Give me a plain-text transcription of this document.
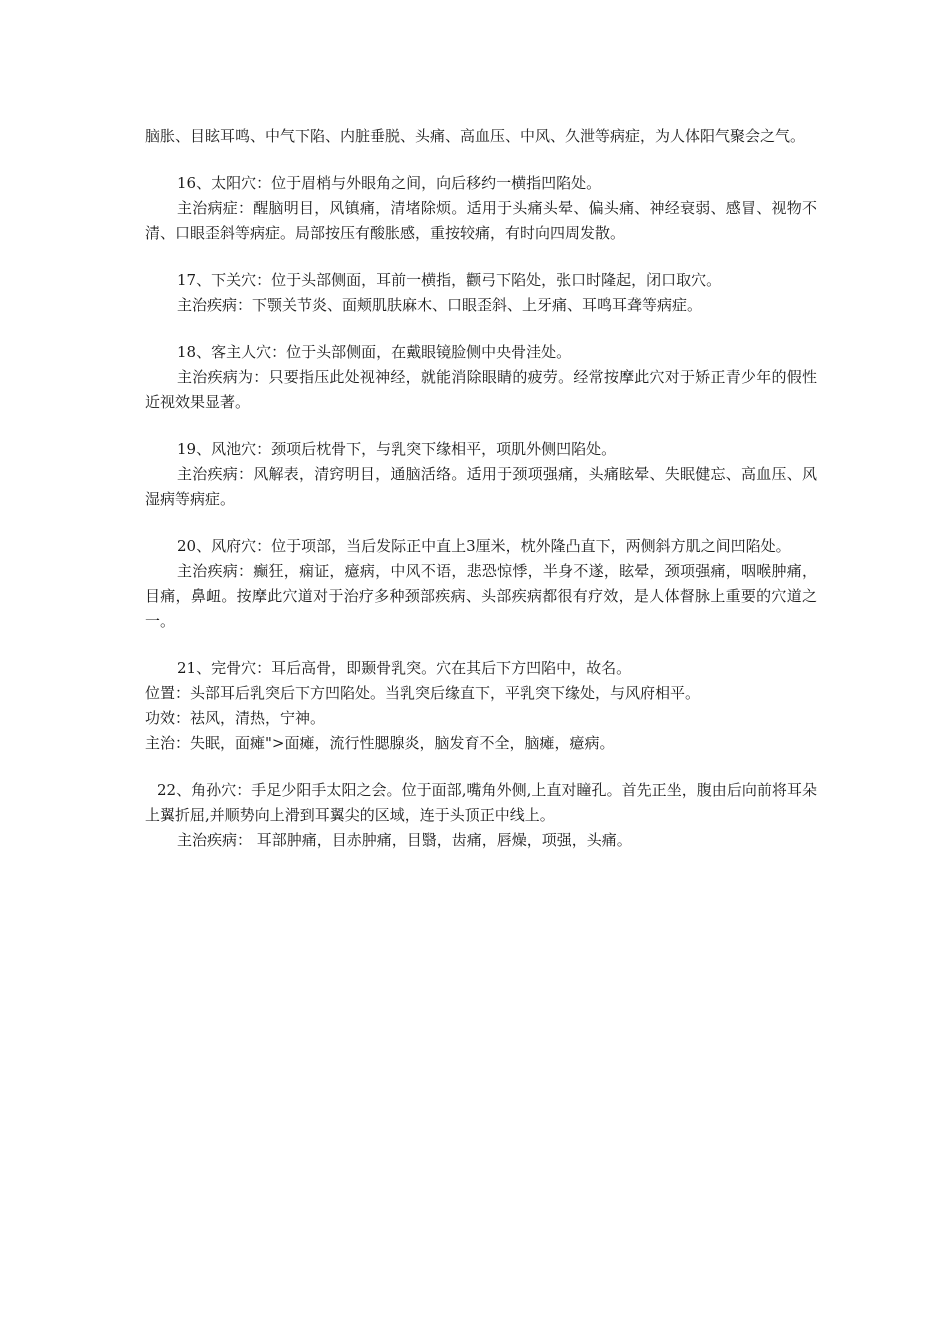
脑胀、目眩耳鸣、中气下陷、内脏垂脱、头痛、高血压、中风、久泄等病症，为人体阳气聚会之气。

16、太阳穴：位于眉梢与外眼角之间，向后移约一横指凹陷处。

主治病症：醒脑明目，风镇痛，清堵除烦。适用于头痛头晕、偏头痛、神经衰弱、感冒、视物不清、口眼歪斜等病症。局部按压有酸胀感，重按较痛，有时向四周发散。

17、下关穴：位于头部侧面，耳前一横指，颧弓下陷处，张口时隆起，闭口取穴。

主治疾病：下颚关节炎、面颊肌肤麻木、口眼歪斜、上牙痛、耳鸣耳聋等病症。

18、客主人穴：位于头部侧面，在戴眼镜脸侧中央骨洼处。

主治疾病为：只要指压此处视神经，就能消除眼睛的疲劳。经常按摩此穴对于矫正青少年的假性近视效果显著。

19、风池穴：颈项后枕骨下，与乳突下缘相平，项肌外侧凹陷处。

主治疾病：风解表，清窍明目，通脑活络。适用于颈项强痛，头痛眩晕、失眠健忘、高血压、风湿病等病症。

20、风府穴：位于项部，当后发际正中直上3厘米，枕外隆凸直下，两侧斜方肌之间凹陷处。

主治疾病：癫狂，痫证，癔病，中风不语，悲恐惊悸，半身不遂，眩晕，颈项强痛，咽喉肿痛，目痛，鼻衄。按摩此穴道对于治疗多种颈部疾病、头部疾病都很有疗效，是人体督脉上重要的穴道之一。

21、完骨穴：耳后高骨，即颞骨乳突。穴在其后下方凹陷中，故名。

位置：头部耳后乳突后下方凹陷处。当乳突后缘直下，平乳突下缘处，与风府相平。

功效：祛风，清热，宁神。

主治：失眠，面瘫">面瘫，流行性腮腺炎，脑发育不全，脑瘫，癔病。

22、角孙穴：手足少阳手太阳之会。位于面部,嘴角外侧,上直对瞳孔。首先正坐，腹由后向前将耳朵上翼折屈,并顺势向上滑到耳翼尖的区域，连于头顶正中线上。

主治疾病： 耳部肿痛，目赤肿痛，目翳，齿痛，唇燥，项强，头痛。
